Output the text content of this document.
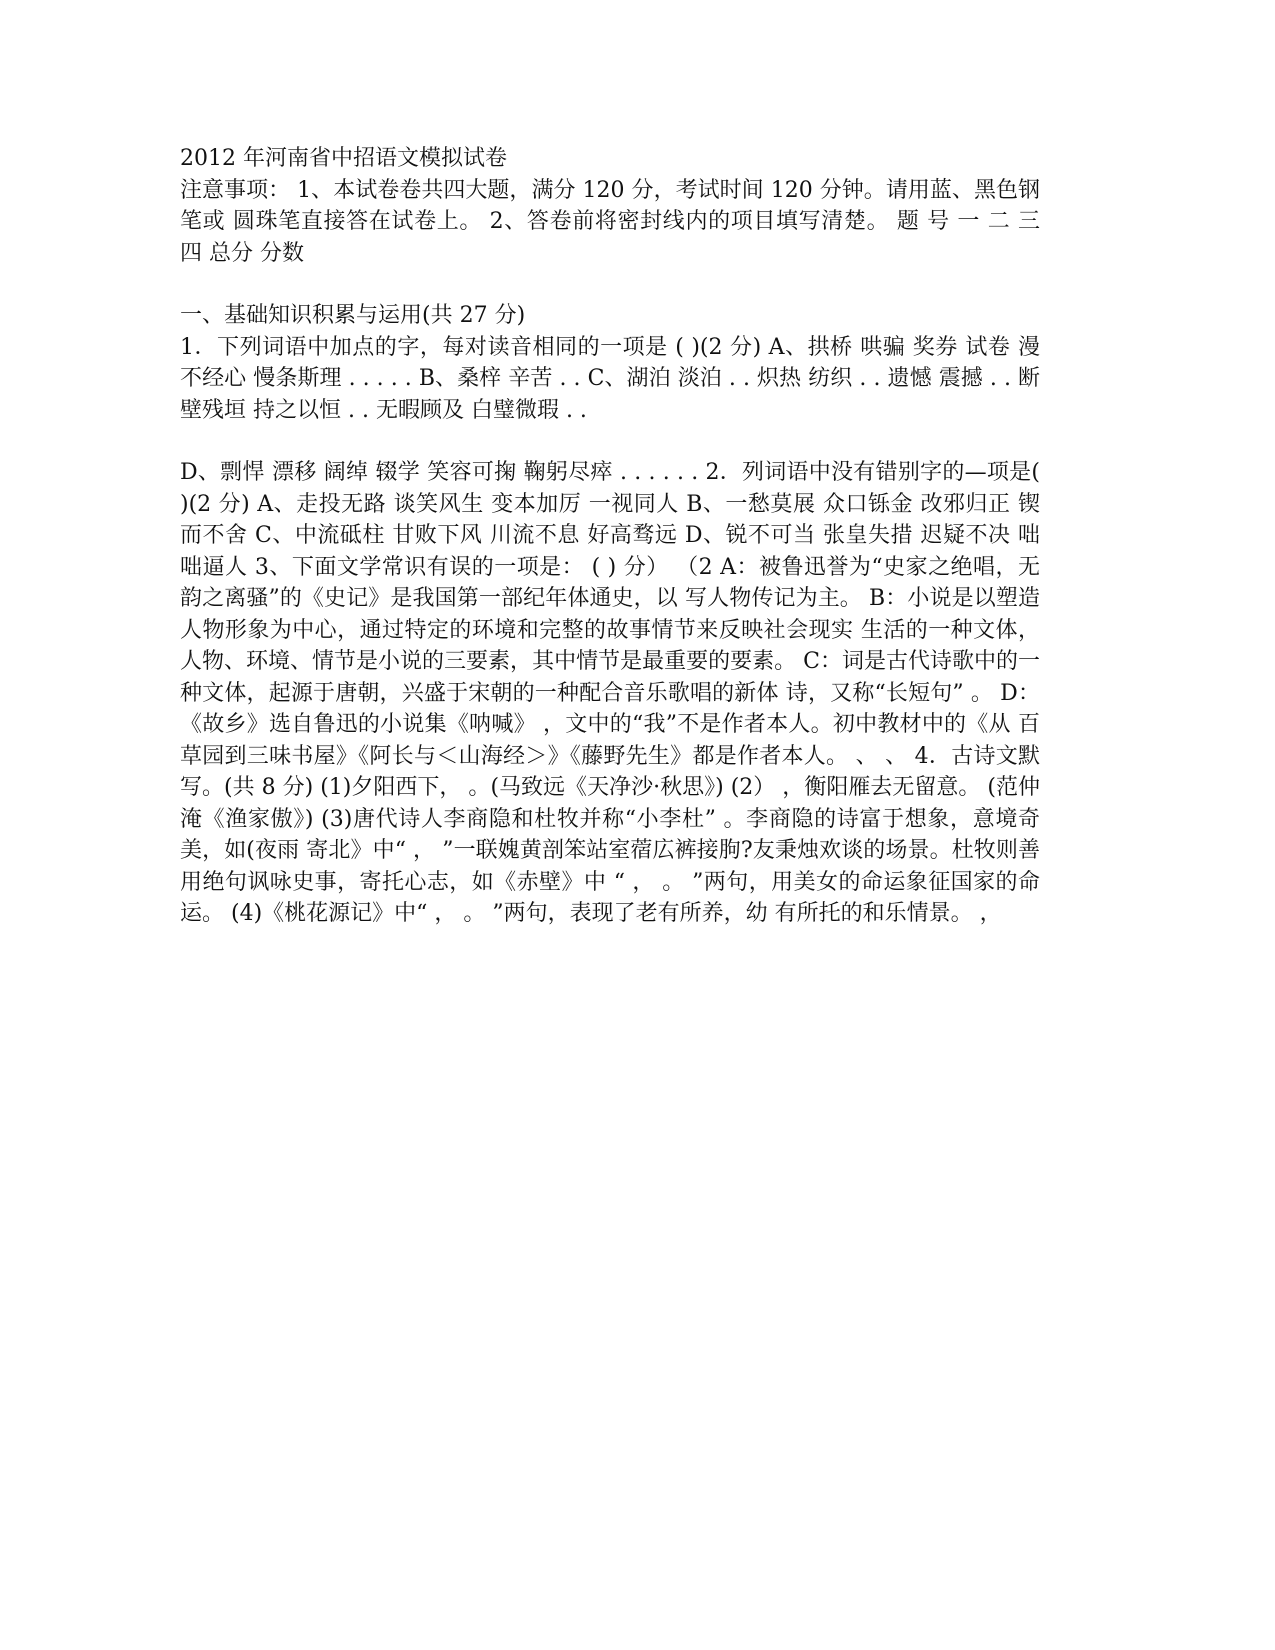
2012 年河南省中招语文模拟试卷

注意事项： 1、本试卷卷共四大题，满分 120 分，考试时间 120 分钟。请用蓝、黑色钢笔或 圆珠笔直接答在试卷上。 2、答卷前将密封线内的项目填写清楚。 题 号 一 二 三 四 总分 分数

一、基础知识积累与运用(共 27 分)

1．下列词语中加点的字，每对读音相同的一项是 ( )(2 分) A、拱桥 哄骗 奖券 试卷 漫不经心 慢条斯理 . . . . . B、桑梓 辛苦 . . C、湖泊 淡泊 . . 炽热 纺织 . . 遗憾 震撼 . . 断壁残垣 持之以恒 . . 无暇顾及 白璧微瑕 . .

D、剽悍 漂移 阔绰 辍学 笑容可掬 鞠躬尽瘁 . . . . . . 2．列词语中没有错别字的—项是( )(2 分) A、走投无路 谈笑风生 变本加厉 一视同人 B、一愁莫展 众口铄金 改邪归正 锲而不舍 C、中流砥柱 甘败下风 川流不息 好高骛远 D、锐不可当 张皇失措 迟疑不决 咄咄逼人 3、下面文学常识有误的一项是： ( ) 分） （2 A：被鲁迅誉为“史家之绝唱，无韵之离骚”的《史记》是我国第一部纪年体通史，以 写人物传记为主。 B：小说是以塑造人物形象为中心，通过特定的环境和完整的故事情节来反映社会现实 生活的一种文体，人物、环境、情节是小说的三要素，其中情节是最重要的要素。 C：词是古代诗歌中的一种文体，起源于唐朝，兴盛于宋朝的一种配合音乐歌唱的新体 诗，又称“长短句” 。 D： 《故乡》选自鲁迅的小说集《呐喊》 ，文中的“我”不是作者本人。初中教材中的《从 百草园到三味书屋》《阿长与＜山海经＞》《藤野先生》都是作者本人。 、 、 4．古诗文默写。(共 8 分) (1)夕阳西下， 。(马致远《天净沙·秋思》) (2） ，衡阳雁去无留意。 (范仲淹《渔家傲》) (3)唐代诗人李商隐和杜牧并称“小李杜” 。李商隐的诗富于想象，意境奇美，如(夜雨 寄北》中“ ， ”一联媿黄剖笨站室蓿広裤接朐?友秉烛欢谈的场景。杜牧则善用绝句讽咏史事，寄托心志，如《赤壁》中 “ ， 。 ”两句，用美女的命运象征国家的命运。 (4)《桃花源记》中“ ， 。 ”两句，表现了老有所养，幼 有所托的和乐情景。 ，
